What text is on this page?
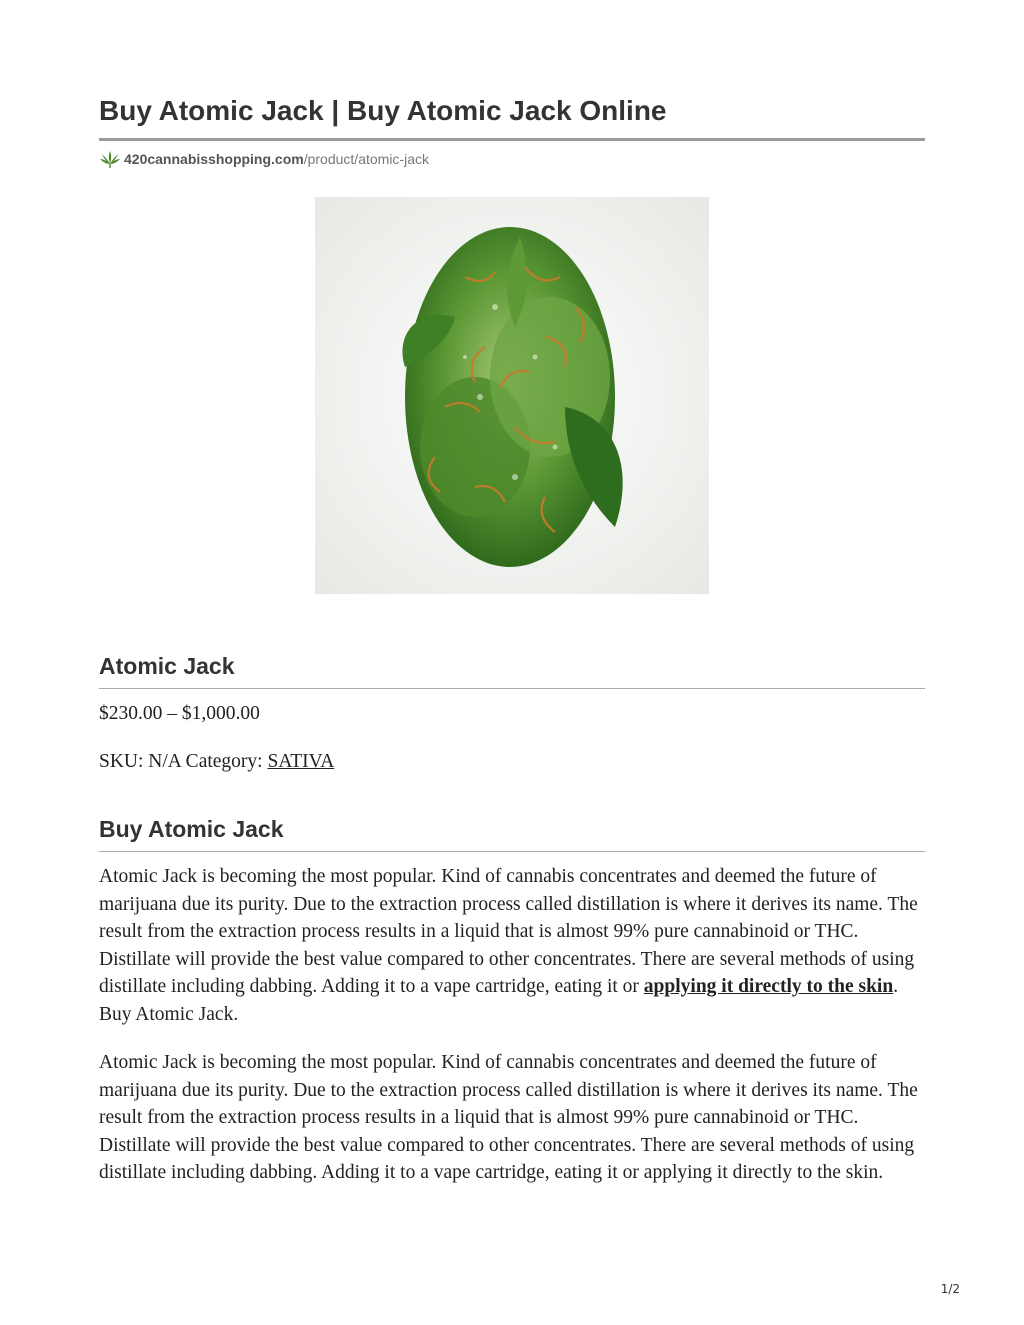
Buy Atomic Jack | Buy Atomic Jack Online
420cannabisshopping.com /product/atomic-jack
Atomic Jack

$230.00 – $1,000.00

SKU: N/A Category: SATIVA

Buy Atomic Jack

Atomic Jack is becoming the most popular. Kind of cannabis concentrates and deemed the future of marijuana due its purity. Due to the extraction process called distillation is where it derives its name. The result from the extraction process results in a liquid that is almost 99% pure cannabinoid or THC. Distillate will provide the best value compared to other concentrates. There are several methods of using distillate including dabbing. Adding it to a vape cartridge, eating it or applying it directly to the skin. Buy Atomic Jack.

Atomic Jack is becoming the most popular. Kind of cannabis concentrates and deemed the future of marijuana due its purity. Due to the extraction process called distillation is where it derives its name. The result from the extraction process results in a liquid that is almost 99% pure cannabinoid or THC. Distillate will provide the best value compared to other concentrates. There are several methods of using distillate including dabbing. Adding it to a vape cartridge, eating it or applying it directly to the skin.

1/2
